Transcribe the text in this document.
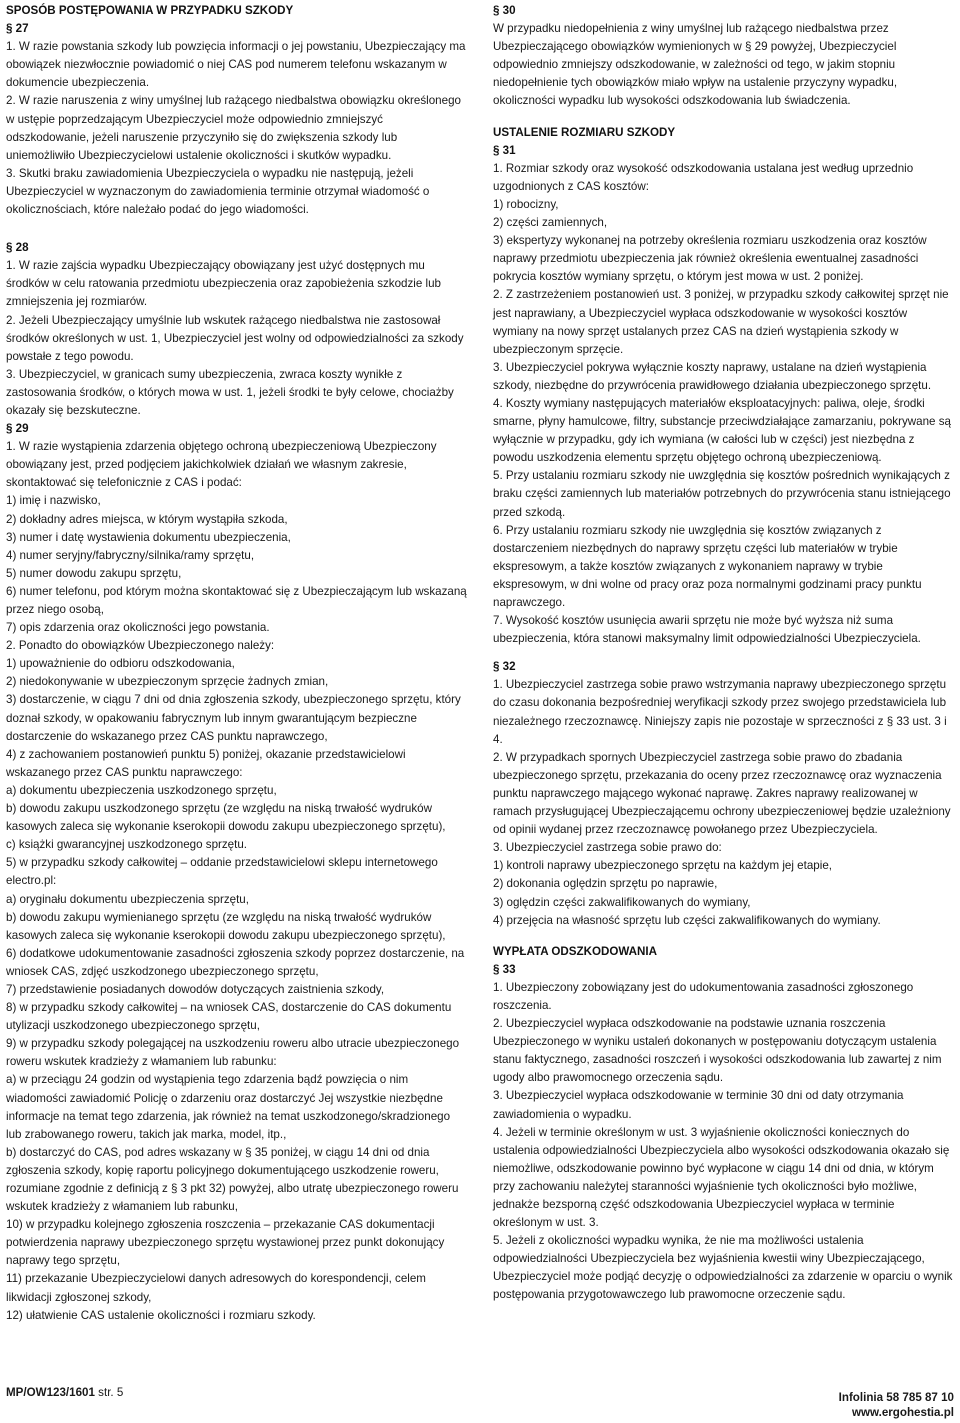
SPOSÓB POSTĘPOWANIA W PRZYPADKU SZKODY

§ 27

1. W razie powstania szkody lub powzięcia informacji o jej powstaniu, Ubezpieczający ma obowiązek niezwłocznie powiadomić o niej CAS pod numerem telefonu wskazanym w dokumencie ubezpieczenia.

2. W razie naruszenia z winy umyślnej lub rażącego niedbalstwa obowiązku określonego w ustępie poprzedzającym Ubezpieczyciel może odpowiednio zmniejszyć odszkodowanie, jeżeli naruszenie przyczyniło się do zwiększenia szkody lub uniemożliwiło Ubezpieczycielowi ustalenie okoliczności i skutków wypadku.

3. Skutki braku zawiadomienia Ubezpieczyciela o wypadku nie następują, jeżeli Ubezpieczyciel w wyznaczonym do zawiadomienia terminie otrzymał wiadomość o okolicznościach, które należało podać do jego wiadomości.

§ 28

1. W razie zajścia wypadku Ubezpieczający obowiązany jest użyć dostępnych mu środków w celu ratowania przedmiotu ubezpieczenia oraz zapobieżenia szkodzie lub zmniejszenia jej rozmiarów.

2. Jeżeli Ubezpieczający umyślnie lub wskutek rażącego niedbalstwa nie zastosował środków określonych w ust. 1, Ubezpieczyciel jest wolny od odpowiedzialności za szkody powstałe z tego powodu.

3. Ubezpieczyciel, w granicach sumy ubezpieczenia, zwraca koszty wynikłe z zastosowania środków, o których mowa w ust. 1, jeżeli środki te były celowe, chociażby okazały się bezskuteczne.

§ 29

1. W razie wystąpienia zdarzenia objętego ochroną ubezpieczeniową Ubezpieczony obowiązany jest, przed podjęciem jakichkolwiek działań we własnym zakresie, skontaktować się telefonicznie z CAS i podać:

1) imię i nazwisko,

2) dokładny adres miejsca, w którym wystąpiła szkoda,

3) numer i datę wystawienia dokumentu ubezpieczenia,

4) numer seryjny/fabryczny/silnika/ramy sprzętu,

5) numer dowodu zakupu sprzętu,

6) numer telefonu, pod którym można skontaktować się z Ubezpieczającym lub wskazaną przez niego osobą,

7) opis zdarzenia oraz okoliczności jego powstania.

2. Ponadto do obowiązków Ubezpieczonego należy:

1) upoważnienie do odbioru odszkodowania,

2) niedokonywanie w ubezpieczonym sprzęcie żadnych zmian,

3) dostarczenie, w ciągu 7 dni od dnia zgłoszenia szkody, ubezpieczonego sprzętu, który doznał szkody, w opakowaniu fabrycznym lub innym gwarantującym bezpieczne dostarczenie do wskazanego przez CAS punktu naprawczego,

4) z zachowaniem postanowień punktu 5) poniżej, okazanie przedstawicielowi wskazanego przez CAS punktu naprawczego:

a) dokumentu ubezpieczenia uszkodzonego sprzętu,

b) dowodu zakupu uszkodzonego sprzętu (ze względu na niską trwałość wydruków kasowych zaleca się wykonanie kserokopii dowodu zakupu ubezpieczonego sprzętu),

c) książki gwarancyjnej uszkodzonego sprzętu.

5) w przypadku szkody całkowitej – oddanie przedstawicielowi sklepu internetowego electro.pl:

a) oryginału dokumentu ubezpieczenia sprzętu,

b) dowodu zakupu wymienianego sprzętu (ze względu na niską trwałość wydruków kasowych zaleca się wykonanie kserokopii dowodu zakupu ubezpieczonego sprzętu),

6) dodatkowe udokumentowanie zasadności zgłoszenia szkody poprzez dostarczenie, na wniosek CAS, zdjęć uszkodzonego ubezpieczonego sprzętu,

7) przedstawienie posiadanych dowodów dotyczących zaistnienia szkody,

8) w przypadku szkody całkowitej – na wniosek CAS, dostarczenie do CAS dokumentu utylizacji uszkodzonego ubezpieczonego sprzętu,

9) w przypadku szkody polegającej na uszkodzeniu roweru albo utracie ubezpieczonego roweru wskutek kradzieży z włamaniem lub rabunku:

a) w przeciągu 24 godzin od wystąpienia tego zdarzenia bądź powzięcia o nim wiadomości zawiadomić Policję o zdarzeniu oraz dostarczyć Jej wszystkie niezbędne informacje na temat tego zdarzenia, jak również na temat uszkodzonego/skradzionego lub zrabowanego roweru, takich jak marka, model, itp.,

b) dostarczyć do CAS, pod adres wskazany w § 35 poniżej, w ciągu 14 dni od dnia zgłoszenia szkody, kopię raportu policyjnego dokumentującego uszkodzenie roweru, rozumiane zgodnie z definicją z § 3 pkt 32) powyżej, albo utratę ubezpieczonego roweru wskutek kradzieży z włamaniem lub rabunku,

10) w przypadku kolejnego zgłoszenia roszczenia – przekazanie CAS dokumentacji potwierdzenia naprawy ubezpieczonego sprzętu wystawionej przez punkt dokonujący naprawy tego sprzętu,

11) przekazanie Ubezpieczycielowi danych adresowych do korespondencji, celem likwidacji zgłoszonej szkody,

12) ułatwienie CAS ustalenie okoliczności i rozmiaru szkody.

§ 30

W przypadku niedopełnienia z winy umyślnej lub rażącego niedbalstwa przez Ubezpieczającego obowiązków wymienionych w § 29 powyżej, Ubezpieczyciel odpowiednio zmniejszy odszkodowanie, w zależności od tego, w jakim stopniu niedopełnienie tych obowiązków miało wpływ na ustalenie przyczyny wypadku, okoliczności wypadku lub wysokości odszkodowania lub świadczenia.

USTALENIE ROZMIARU SZKODY

§ 31

1. Rozmiar szkody oraz wysokość odszkodowania ustalana jest według uprzednio uzgodnionych z CAS kosztów:

1) robocizny,

2) części zamiennych,

3) ekspertyzy wykonanej na potrzeby określenia rozmiaru uszkodzenia oraz kosztów naprawy przedmiotu ubezpieczenia jak również określenia ewentualnej zasadności pokrycia kosztów wymiany sprzętu, o którym jest mowa w ust. 2 poniżej.

2. Z zastrzeżeniem postanowień ust. 3 poniżej, w przypadku szkody całkowitej sprzęt nie jest naprawiany, a Ubezpieczyciel wypłaca odszkodowanie w wysokości kosztów wymiany na nowy sprzęt ustalanych przez CAS na dzień wystąpienia szkody w ubezpieczonym sprzęcie.

3. Ubezpieczyciel pokrywa wyłącznie koszty naprawy, ustalane na dzień wystąpienia szkody, niezbędne do przywrócenia prawidłowego działania ubezpieczonego sprzętu.

4. Koszty wymiany następujących materiałów eksploatacyjnych: paliwa, oleje, środki smarne, płyny hamulcowe, filtry, substancje przeciwdziałające zamarzaniu, pokrywane są wyłącznie w przypadku, gdy ich wymiana (w całości lub w części) jest niezbędna z powodu uszkodzenia elementu sprzętu objętego ochroną ubezpieczeniową.

5. Przy ustalaniu rozmiaru szkody nie uwzględnia się kosztów pośrednich wynikających z braku części zamiennych lub materiałów potrzebnych do przywrócenia stanu istniejącego przed szkodą.

6. Przy ustalaniu rozmiaru szkody nie uwzględnia się kosztów związanych z dostarczeniem niezbędnych do naprawy sprzętu części lub materiałów w trybie ekspresowym, a także kosztów związanych z wykonaniem naprawy w trybie ekspresowym, w dni wolne od pracy oraz poza normalnymi godzinami pracy punktu naprawczego.

7. Wysokość kosztów usunięcia awarii sprzętu nie może być wyższa niż suma ubezpieczenia, która stanowi maksymalny limit odpowiedzialności Ubezpieczyciela.

§ 32

1. Ubezpieczyciel zastrzega sobie prawo wstrzymania naprawy ubezpieczonego sprzętu do czasu dokonania bezpośredniej weryfikacji szkody przez swojego przedstawiciela lub niezależnego rzeczoznawcę. Niniejszy zapis nie pozostaje w sprzeczności z § 33 ust. 3 i 4.

2. W przypadkach spornych Ubezpieczyciel zastrzega sobie prawo do zbadania ubezpieczonego sprzętu, przekazania do oceny przez rzeczoznawcę oraz wyznaczenia punktu naprawczego mającego wykonać naprawę. Zakres naprawy realizowanej w ramach przysługującej Ubezpieczającemu ochrony ubezpieczeniowej będzie uzależniony od opinii wydanej przez rzeczoznawcę powołanego przez Ubezpieczyciela.

3. Ubezpieczyciel zastrzega sobie prawo do:

1) kontroli naprawy ubezpieczonego sprzętu na każdym jej etapie,

2) dokonania oględzin sprzętu po naprawie,

3) oględzin części zakwalifikowanych do wymiany,

4) przejęcia na własność sprzętu lub części zakwalifikowanych do wymiany.

WYPŁATA ODSZKODOWANIA

§ 33

1. Ubezpieczony zobowiązany jest do udokumentowania zasadności zgłoszonego roszczenia.

2. Ubezpieczyciel wypłaca odszkodowanie na podstawie uznania roszczenia Ubezpieczonego w wyniku ustaleń dokonanych w postępowaniu dotyczącym ustalenia stanu faktycznego, zasadności roszczeń i wysokości odszkodowania lub zawartej z nim ugody albo prawomocnego orzeczenia sądu.

3. Ubezpieczyciel wypłaca odszkodowanie w terminie 30 dni od daty otrzymania zawiadomienia o wypadku.

4. Jeżeli w terminie określonym w ust. 3 wyjaśnienie okoliczności koniecznych do ustalenia odpowiedzialności Ubezpieczyciela albo wysokości odszkodowania okazało się niemożliwe, odszkodowanie powinno być wypłacone w ciągu 14 dni od dnia, w którym przy zachowaniu należytej staranności wyjaśnienie tych okoliczności było możliwe, jednakże bezsporną część odszkodowania Ubezpieczyciel wypłaca w terminie określonym w ust. 3.

5. Jeżeli z okoliczności wypadku wynika, że nie ma możliwości ustalenia odpowiedzialności Ubezpieczyciela bez wyjaśnienia kwestii winy Ubezpieczającego, Ubezpieczyciel może podjąć decyzję o odpowiedzialności za zdarzenie w oparciu o wynik postępowania przygotowawczego lub prawomocne orzeczenie sądu.

MP/OW123/1601 str. 5	Infolinia 58 785 87 10
www.ergohestia.pl
